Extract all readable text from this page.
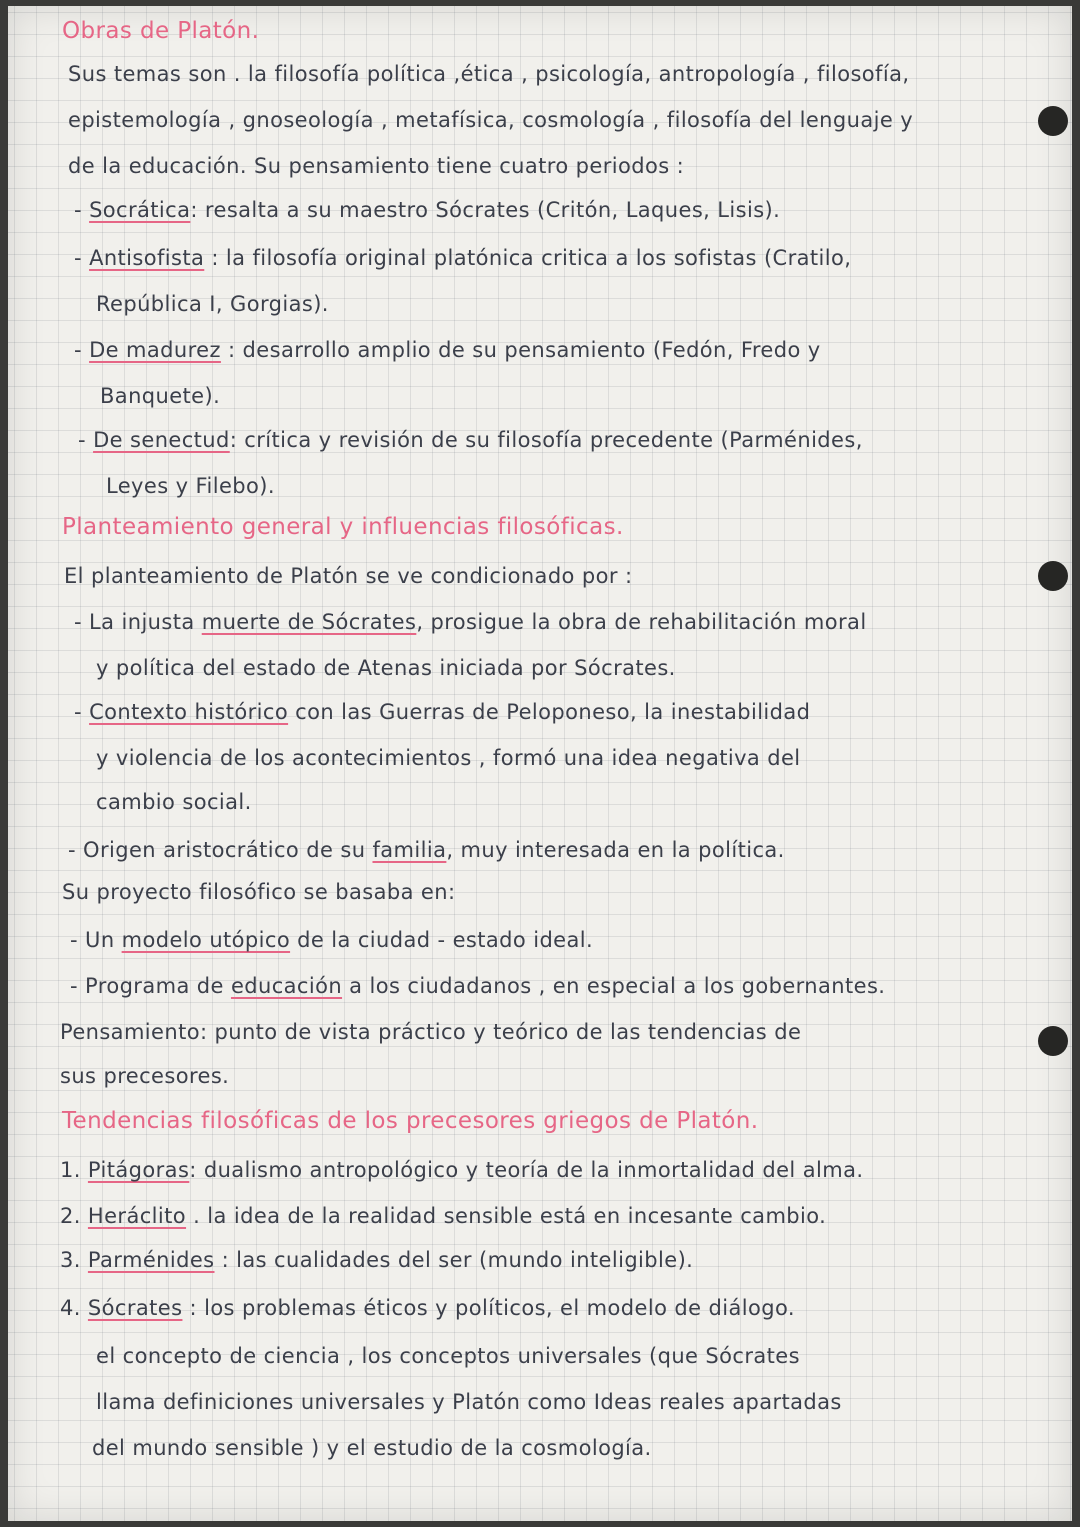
Obras de Platón.
Sus temas son . la filosofía política ,ética , psicología, antropología , filosofía,
epistemología , gnoseología , metafísica, cosmología , filosofía del lenguaje y
de la educación. Su pensamiento tiene cuatro periodos :
- Socrática: resalta a su maestro Sócrates (Critón, Laques, Lisis).
- Antisofista : la filosofía original platónica critica a los sofistas (Cratilo,
República I, Gorgias).
- De madurez : desarrollo amplio de su pensamiento (Fedón, Fredo y
Banquete).
- De senectud: crítica y revisión de su filosofía precedente (Parménides,
Leyes y Filebo).
Planteamiento general y influencias filosóficas.
El planteamiento de Platón se ve condicionado por :
- La injusta muerte de Sócrates, prosigue la obra de rehabilitación moral
y política del estado de Atenas iniciada por Sócrates.
- Contexto histórico con las Guerras de Peloponeso, la inestabilidad
y violencia de los acontecimientos , formó una idea negativa del
cambio social.
- Origen aristocrático de su familia, muy interesada en la política.
Su proyecto filosófico se basaba en:
- Un modelo utópico de la ciudad - estado ideal.
- Programa de educación a los ciudadanos , en especial a los gobernantes.
Pensamiento: punto de vista práctico y teórico de las tendencias de
sus precesores.
Tendencias filosóficas de los precesores griegos de Platón.
1. Pitágoras: dualismo antropológico y teoría de la inmortalidad del alma.
2. Heráclito . la idea de la realidad sensible está en incesante cambio.
3. Parménides : las cualidades del ser (mundo inteligible).
4. Sócrates : los problemas éticos y políticos, el modelo de diálogo.
el concepto de ciencia , los conceptos universales (que Sócrates
llama definiciones universales y Platón como Ideas reales apartadas
del mundo sensible ) y el estudio de la cosmología.
